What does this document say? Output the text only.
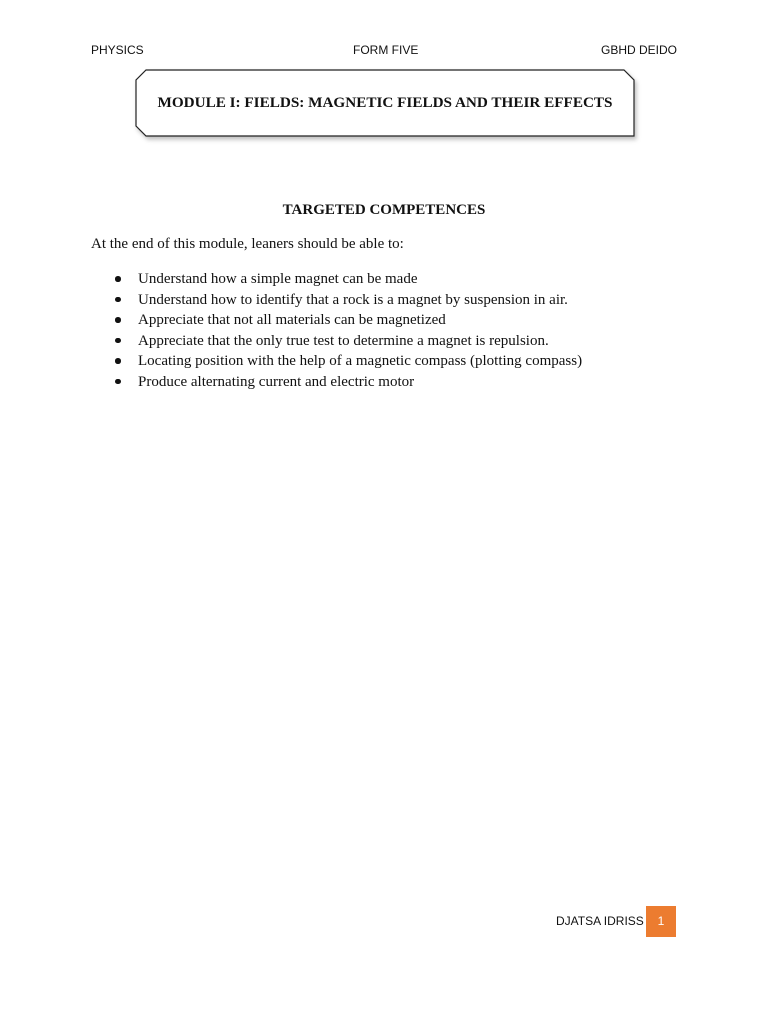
PHYSICS	FORM FIVE	GBHD DEIDO
MODULE I: FIELDS: MAGNETIC FIELDS AND THEIR EFFECTS
TARGETED COMPETENCES
At the end of this module, leaners should be able to:
Understand how a simple magnet can be made
Understand how to identify that a rock is a magnet by suspension in air.
Appreciate that not all materials can be magnetized
Appreciate that the only true test to determine a magnet is repulsion.
Locating position with the help of a magnetic compass (plotting compass)
Produce alternating current and electric motor
DJATSA IDRISS	1
